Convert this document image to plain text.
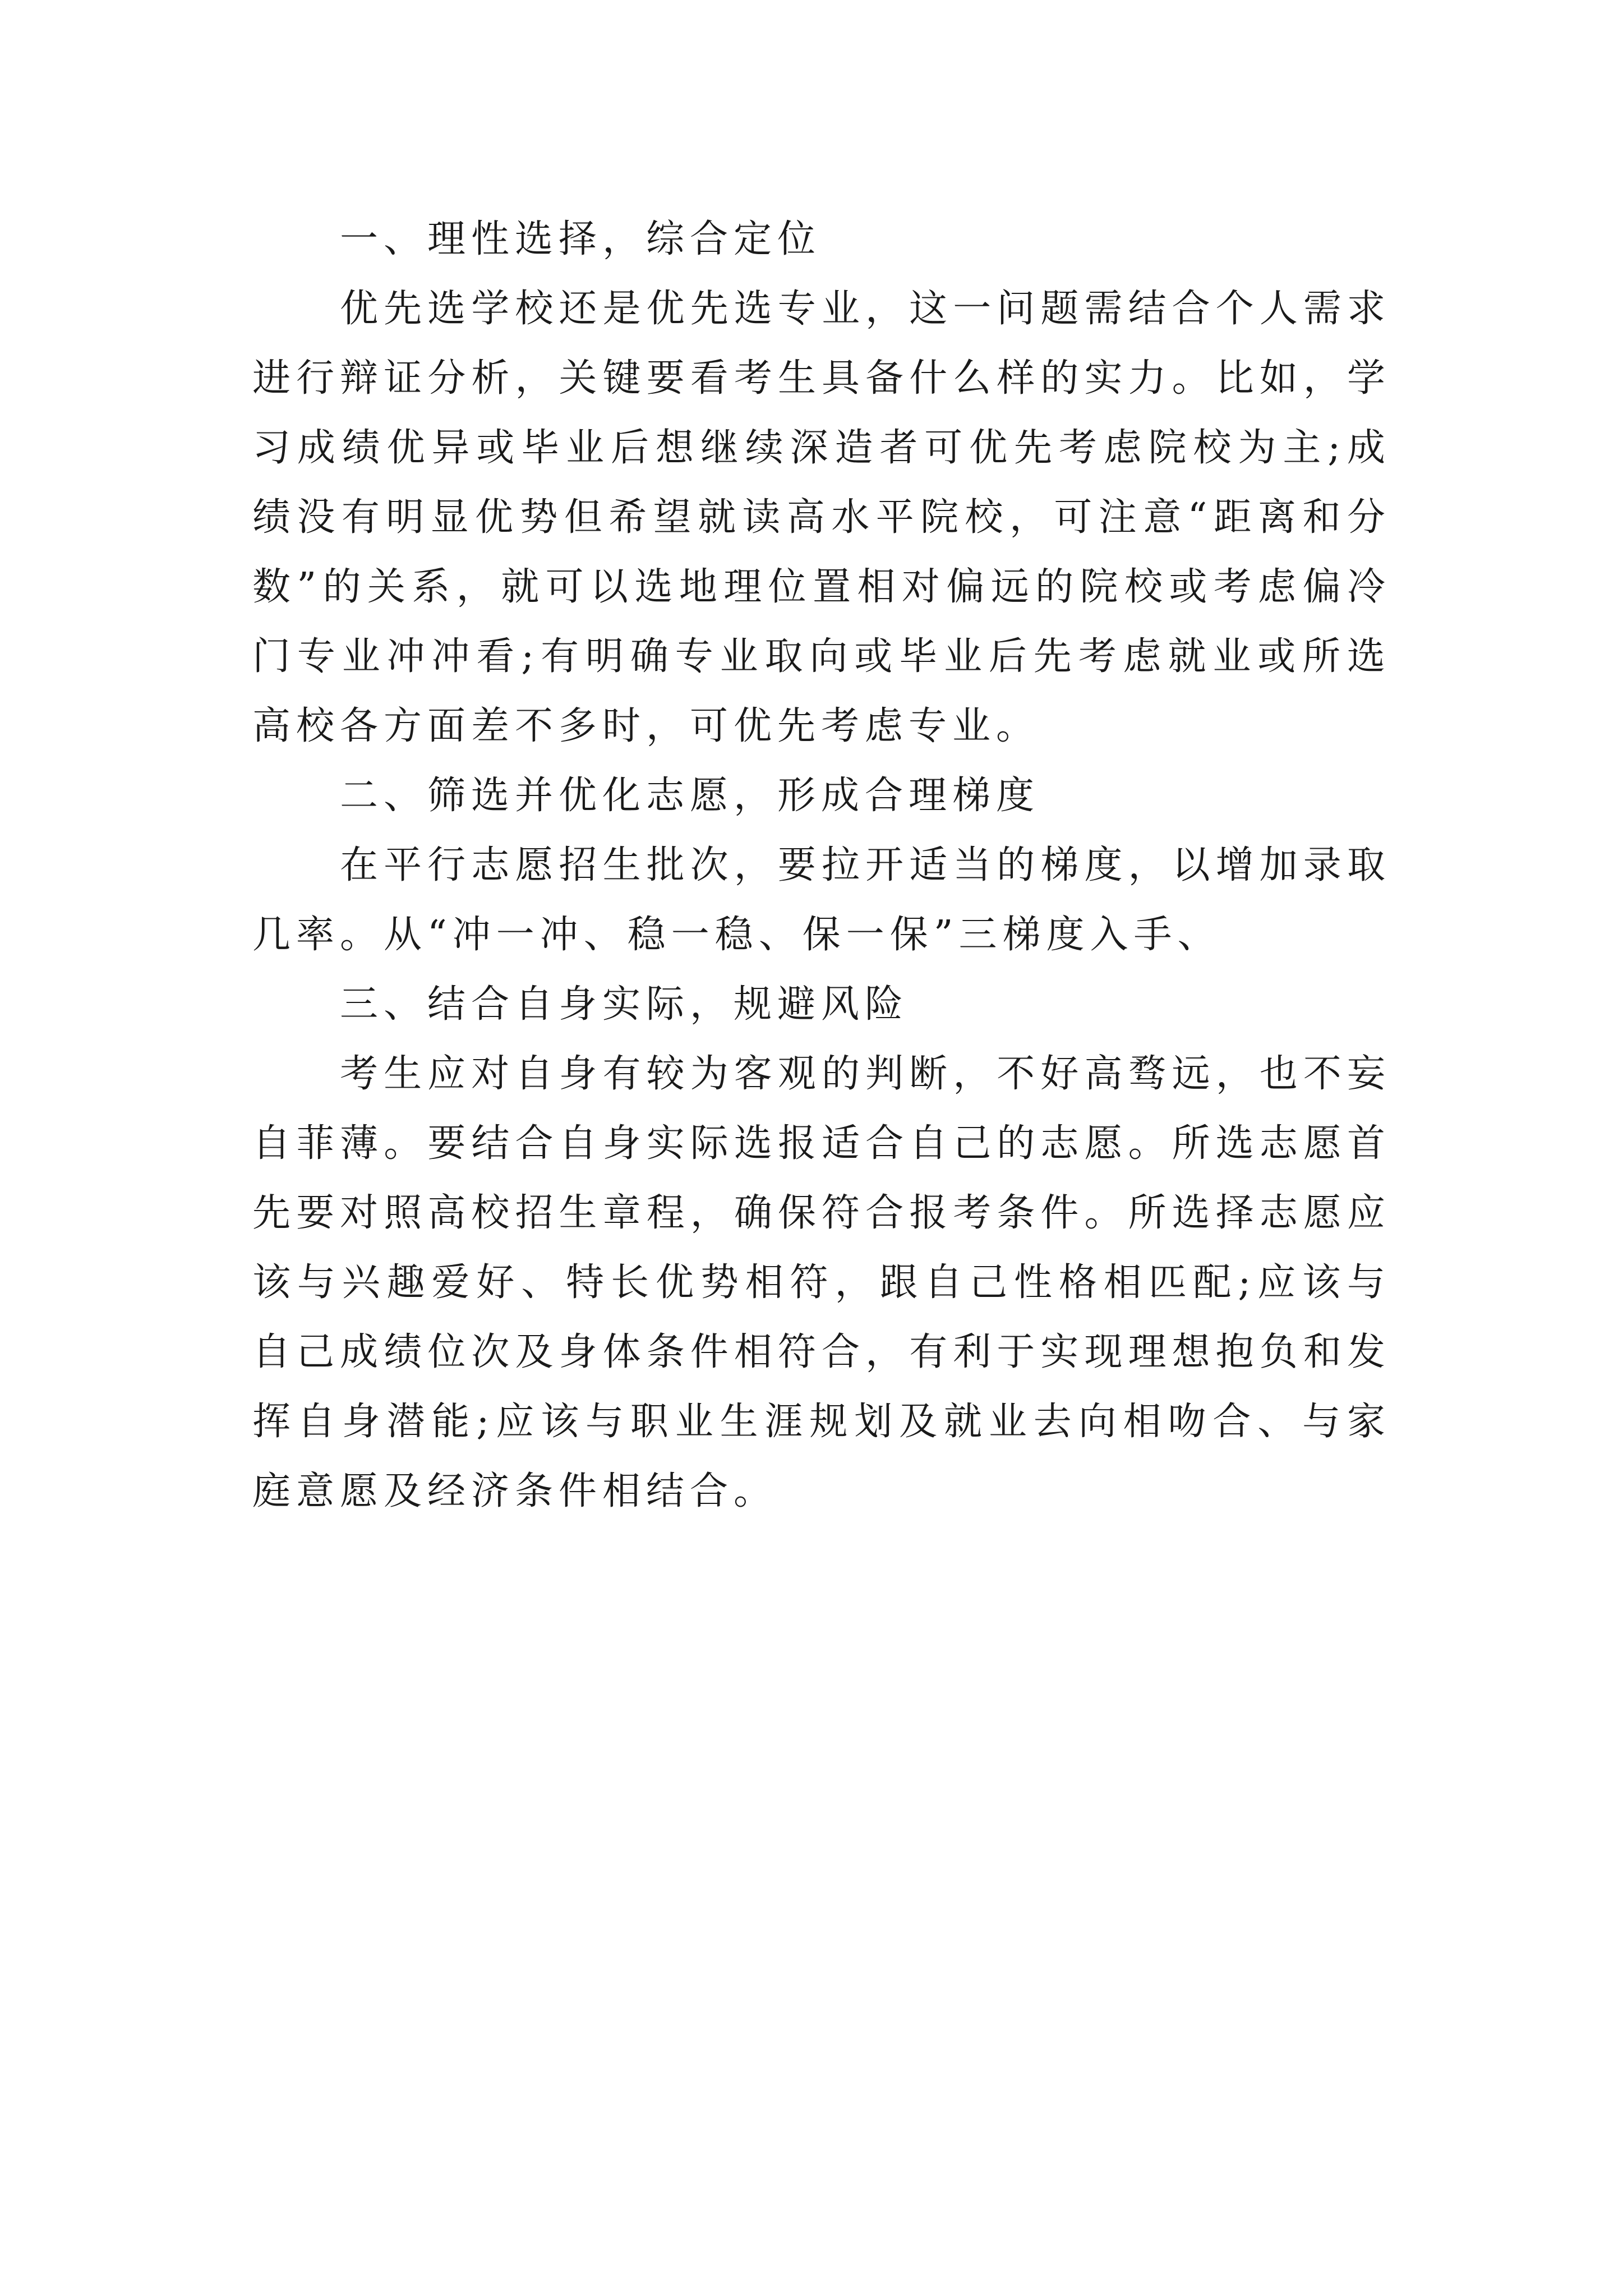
一、理性选择，综合定位

优先选学校还是优先选专业，这一问题需结合个人需求进行辩证分析，关键要看考生具备什么样的实力。比如，学习成绩优异或毕业后想继续深造者可优先考虑院校为主;成绩没有明显优势但希望就读高水平院校，可注意“距离和分数”的关系，就可以选地理位置相对偏远的院校或考虑偏冷门专业冲冲看;有明确专业取向或毕业后先考虑就业或所选高校各方面差不多时，可优先考虑专业。

二、筛选并优化志愿，形成合理梯度

在平行志愿招生批次，要拉开适当的梯度，以增加录取几率。从“冲一冲、稳一稳、保一保”三梯度入手、

三、结合自身实际，规避风险

考生应对自身有较为客观的判断，不好高骛远，也不妄自菲薄。要结合自身实际选报适合自己的志愿。所选志愿首先要对照高校招生章程，确保符合报考条件。所选择志愿应该与兴趣爱好、特长优势相符，跟自己性格相匹配;应该与自己成绩位次及身体条件相符合，有利于实现理想抱负和发挥自身潜能;应该与职业生涯规划及就业去向相吻合、与家庭意愿及经济条件相结合。
